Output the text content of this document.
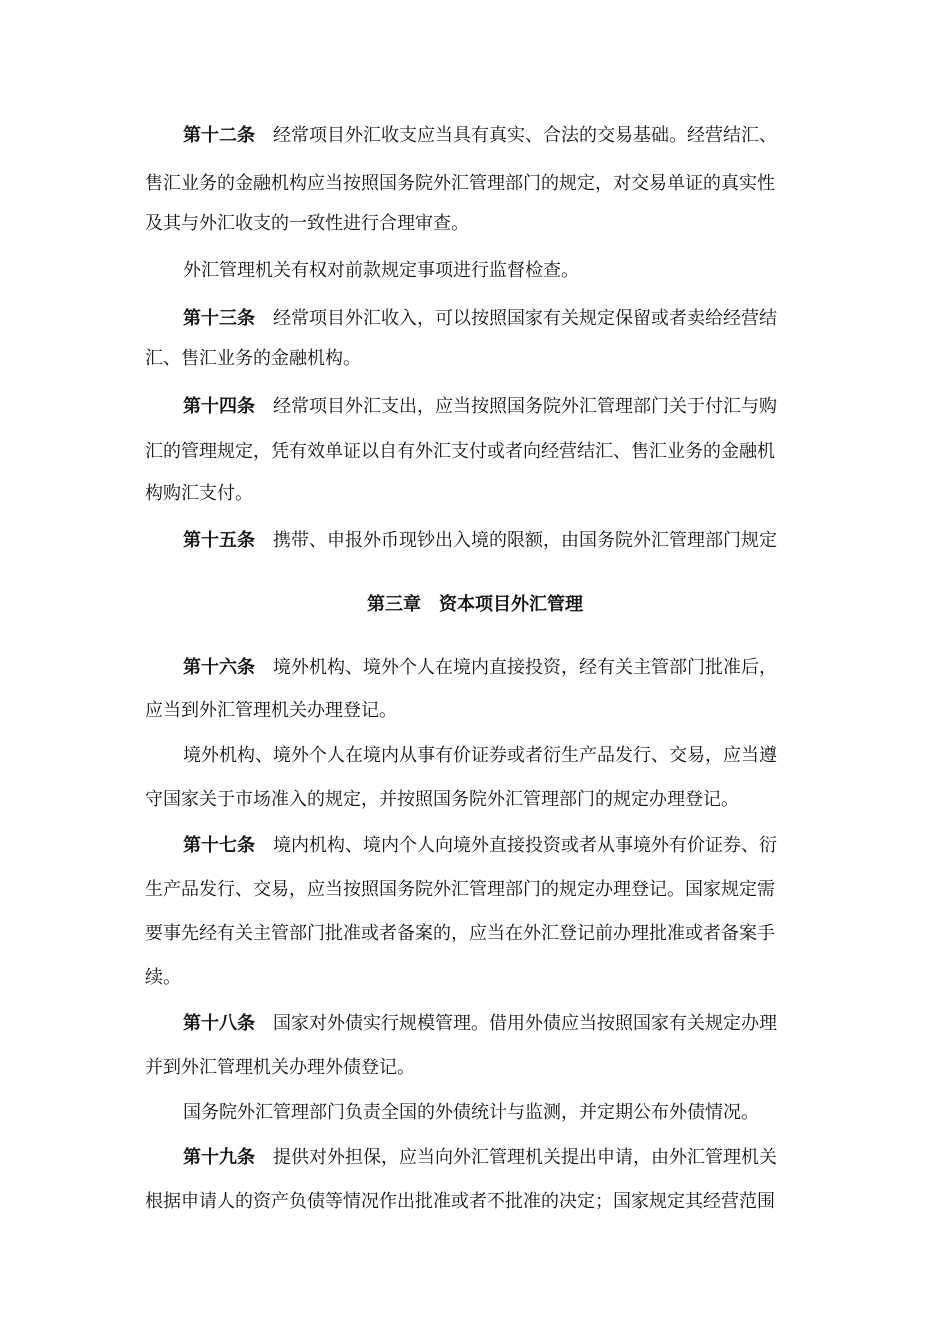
第十二条 经常项目外汇收支应当具有真实、合法的交易基础。经营结汇、
售汇业务的金融机构应当按照国务院外汇管理部门的规定，对交易单证的真实性
及其与外汇收支的一致性进行合理审查。
外汇管理机关有权对前款规定事项进行监督检查。
第十三条 经常项目外汇收入，可以按照国家有关规定保留或者卖给经营结
汇、售汇业务的金融机构。
第十四条 经常项目外汇支出，应当按照国务院外汇管理部门关于付汇与购
汇的管理规定，凭有效单证以自有外汇支付或者向经营结汇、售汇业务的金融机
构购汇支付。
第十五条 携带、申报外币现钞出入境的限额，由国务院外汇管理部门规定
第三章 资本项目外汇管理
第十六条 境外机构、境外个人在境内直接投资，经有关主管部门批准后，
应当到外汇管理机关办理登记。
境外机构、境外个人在境内从事有价证券或者衍生产品发行、交易，应当遵
守国家关于市场准入的规定，并按照国务院外汇管理部门的规定办理登记。
第十七条 境内机构、境内个人向境外直接投资或者从事境外有价证券、衍
生产品发行、交易，应当按照国务院外汇管理部门的规定办理登记。国家规定需
要事先经有关主管部门批准或者备案的，应当在外汇登记前办理批准或者备案手
续。
第十八条 国家对外债实行规模管理。借用外债应当按照国家有关规定办理
并到外汇管理机关办理外债登记。
国务院外汇管理部门负责全国的外债统计与监测，并定期公布外债情况。
第十九条 提供对外担保，应当向外汇管理机关提出申请，由外汇管理机关
根据申请人的资产负债等情况作出批准或者不批准的决定；国家规定其经营范围
